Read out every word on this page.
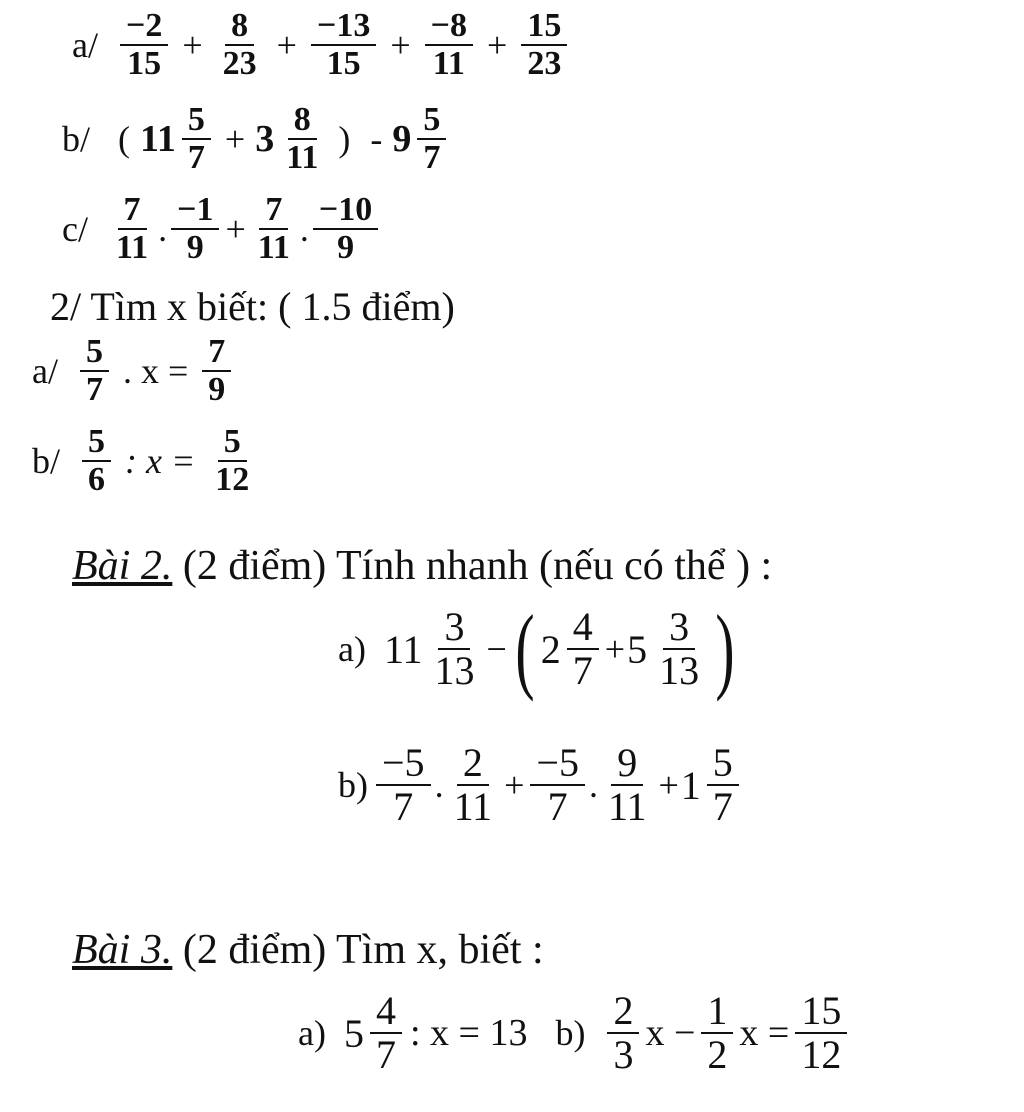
$a/ \frac{-2}{15} + \frac{8}{23} + \frac{-13}{15} + \frac{-8}{11} + \frac{15}{23}$
b/ ( $11 \frac{5}{7} + 3 \frac{8}{11}$ ) - $9 \frac{5}{7}$
$c/ \frac{7}{11}$ . $\frac{-1}{9} + \frac{7}{11}$ . $\frac{-10}{9}$
2/ Tìm x biết: ( 1.5 điểm)
$a/ \frac{5}{7}$ . $x = \frac{7}{9}$
$b/ \frac{5}{6}$ : $x = \frac{5}{12}$
Bài 2. (2 điểm) Tính nhanh (nếu có thể ) :
a) $11 \frac{3}{13}$ − ( $2 \frac{4}{7} + 5 \frac{3}{13}$ )
$b) \frac{-5}{7}$ . $\frac{2}{11} + \frac{-5}{7}$ . $\frac{9}{11} + 1 \frac{5}{7}$
Bài 3. (2 điểm) Tìm x, biết :
a) $5 \frac{4}{7}$ : x = 13 $b) \frac{2}{3}$ $x - \frac{1}{2}$ $x = \frac{15}{12}$
